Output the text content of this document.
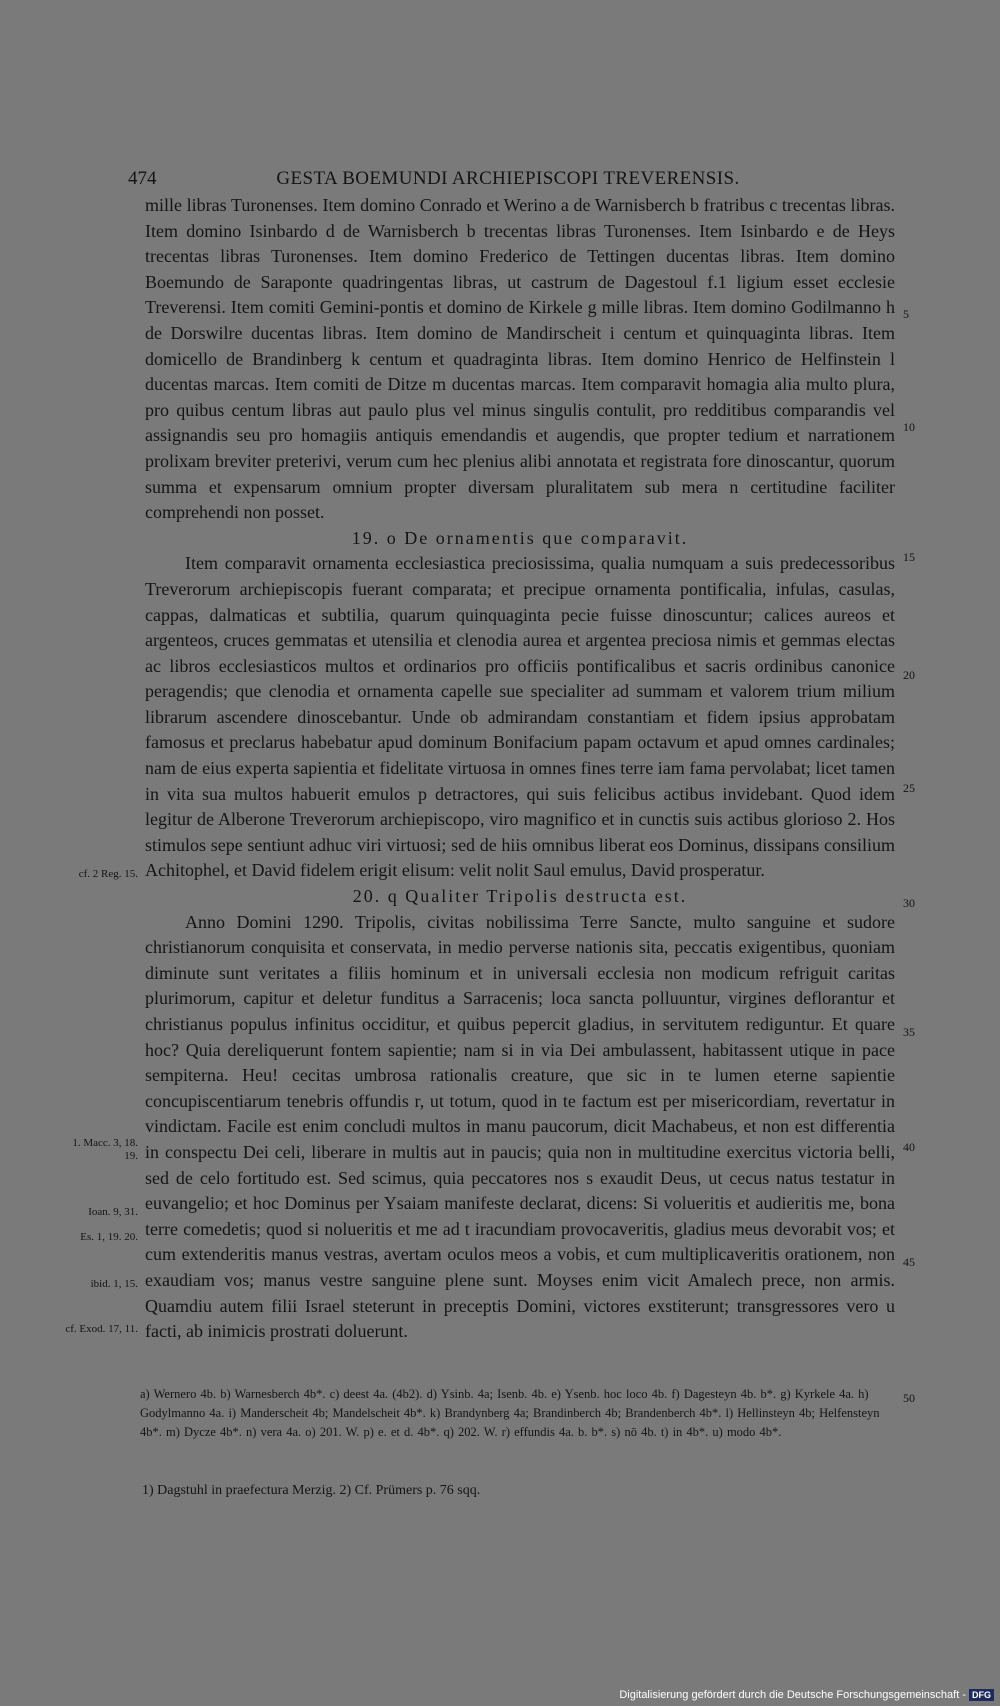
474	GESTA BOEMUNDI ARCHIEPISCOPI TREVERENSIS.

mille libras Turonenses. Item domino Conrado et Werino a de Warnisberch b fratribus c trecentas libras. Item domino Isinbardo d de Warnisberch b trecentas libras Turonenses. Item Isinbardo e de Heys trecentas libras Turonenses. Item domino Frederico de Tettingen ducentas libras. Item domino Boemundo de Saraponte quadringentas libras, ut castrum de Dagestoul f.1 ligium esset ecclesie Treverensi. Item comiti Gemini-pontis et domino de Kirkele g mille libras. Item domino Godilmanno h de Dorswilre ducentas libras. Item domino de Mandirscheit i centum et quinquaginta libras. Item domicello de Brandinberg k centum et quadraginta libras. Item domino Henrico de Helfinstein l ducentas marcas. Item comiti de Ditze m ducentas marcas. Item comparavit homagia alia multo plura, pro quibus centum libras aut paulo plus vel minus singulis contulit, pro redditibus comparandis vel assignandis seu pro homagiis antiquis emendandis et augendis, que propter tedium et narrationem prolixam breviter preterivi, verum cum hec plenius alibi annotata et registrata fore dinoscantur, quorum summa et expensarum omnium propter diversam pluralitatem sub mera n certitudine faciliter comprehendi non posset.

19. o De ornamentis que comparavit.

Item comparavit ornamenta ecclesiastica preciosissima, qualia numquam a suis predecessoribus Treverorum archiepiscopis fuerant comparata; et precipue ornamenta pontificalia, infulas, casulas, cappas, dalmaticas et subtilia, quarum quinquaginta pecie fuisse dinoscuntur; calices aureos et argenteos, cruces gemmatas et utensilia et clenodia aurea et argentea preciosa nimis et gemmas electas ac libros ecclesiasticos multos et ordinarios pro officiis pontificalibus et sacris ordinibus canonice peragendis; que clenodia et ornamenta capelle sue specialiter ad summam et valorem trium milium librarum ascendere dinoscebantur. Unde ob admirandam constantiam et fidem ipsius approbatam famosus et preclarus habebatur apud dominum Bonifacium papam octavum et apud omnes cardinales; nam de eius experta sapientia et fidelitate virtuosa in omnes fines terre iam fama pervolabat; licet tamen in vita sua multos habuerit emulos p detractores, qui suis felicibus actibus invidebant. Quod idem legitur de Alberone Treverorum archiepiscopo, viro magnifico et in cunctis suis actibus glorioso 2. Hos stimulos sepe sentiunt adhuc viri virtuosi; sed de hiis omnibus liberat eos Dominus, dissipans consilium Achitophel, et David fidelem erigit elisum: velit nolit Saul emulus, David prosperatur.

20. q Qualiter Tripolis destructa est.

Anno Domini 1290. Tripolis, civitas nobilissima Terre Sancte, multo sanguine et sudore christianorum conquisita et conservata, in medio perverse nationis sita, peccatis exigentibus, quoniam diminute sunt veritates a filiis hominum et in universali ecclesia non modicum refriguit caritas plurimorum, capitur et deletur funditus a Sarracenis; loca sancta polluuntur, virgines deflorantur et christianus populus infinitus occiditur, et quibus pepercit gladius, in servitutem rediguntur. Et quare hoc? Quia dereliquerunt fontem sapientie; nam si in via Dei ambulassent, habitassent utique in pace sempiterna. Heu! cecitas umbrosa rationalis creature, que sic in te lumen eterne sapientie concupiscentiarum tenebris offundis r, ut totum, quod in te factum est per misericordiam, revertatur in vindictam. Facile est enim concludi multos in manu paucorum, dicit Machabeus, et non est differentia in conspectu Dei celi, liberare in multis aut in paucis; quia non in multitudine exercitus victoria belli, sed de celo fortitudo est. Sed scimus, quia peccatores nos s exaudit Deus, ut cecus natus testatur in euvangelio; et hoc Dominus per Ysaiam manifeste declarat, dicens: Si volueritis et audieritis me, bona terre comedetis; quod si nolueritis et me ad t iracundiam provocaveritis, gladius meus devorabit vos; et cum extenderitis manus vestras, avertam oculos meos a vobis, et cum multiplicaveritis orationem, non exaudiam vos; manus vestre sanguine plene sunt. Moyses enim vicit Amalech prece, non armis. Quamdiu autem filii Israel steterunt in preceptis Domini, victores exstiterunt; transgressores vero u facti, ab inimicis prostrati doluerunt.

5
10
15
20
25
30
35
40
45
50
cf. 2 Reg. 15.
1. Macc. 3, 18. 19.
Ioan. 9, 31.
Es. 1, 19. 20.
ibid. 1, 15.
cf. Exod. 17, 11.

a) Wernero 4b. b) Warnesberch 4b*. c) deest 4a. (4b2). d) Ysinb. 4a; Isenb. 4b. e) Ysenb. hoc loco 4b. f) Dagesteyn 4b. b*. g) Kyrkele 4a. h) Godylmanno 4a. i) Manderscheit 4b; Mandelscheit 4b*. k) Brandynberg 4a; Brandinberch 4b; Brandenberch 4b*. l) Hellinsteyn 4b; Helfensteyn 4b*. m) Dycze 4b*. n) vera 4a. o) 201. W. p) e. et d. 4b*. q) 202. W. r) effundis 4a. b. b*. s) nō 4b. t) in 4b*. u) modo 4b*.

1) Dagstuhl in praefectura Merzig. 2) Cf. Prümers p. 76 sqq.
Digitalisierung gefördert durch die Deutsche Forschungsgemeinschaft - DFG
